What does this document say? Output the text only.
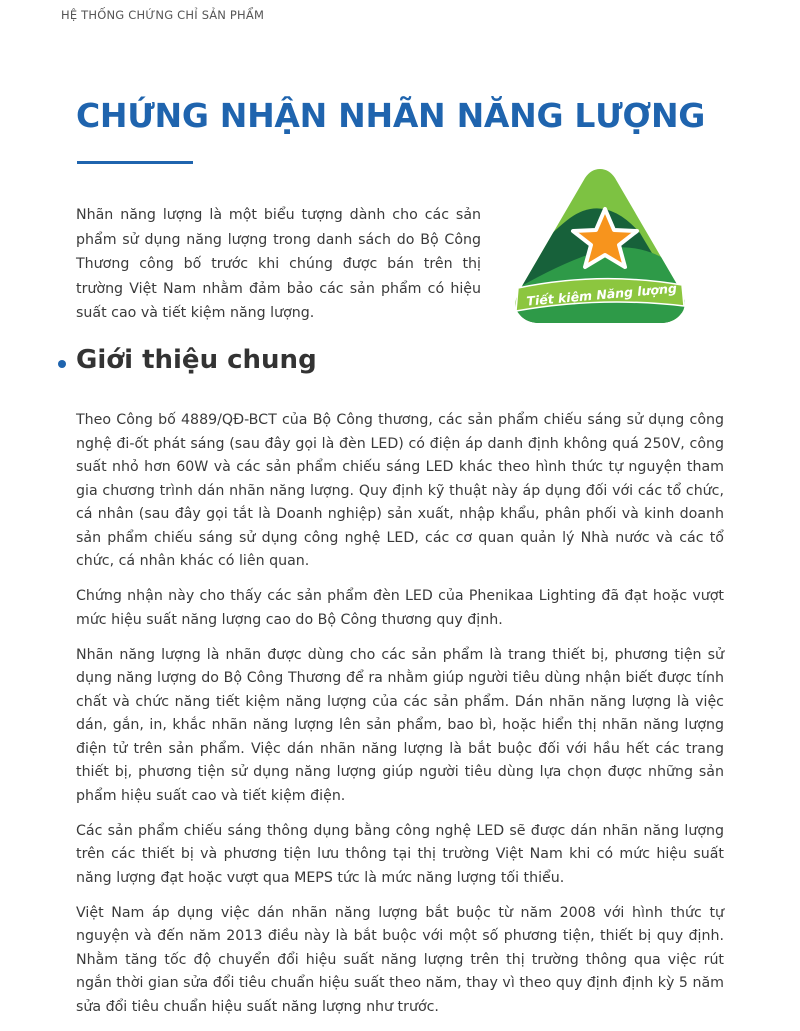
HỆ THỐNG CHỨNG CHỈ SẢN PHẨM
CHỨNG NHẬN NHÃN NĂNG LƯỢNG

Nhãn năng lượng là một biểu tượng dành cho các sản phẩm sử dụng năng lượng trong danh sách do Bộ Công Thương công bố trước khi chúng được bán trên thị trường Việt Nam nhằm đảm bảo các sản phẩm có hiệu suất cao và tiết kiệm năng lượng.

Tiết kiệm Năng lượng
Giới thiệu chung

Theo Công bố 4889/QĐ-BCT của Bộ Công thương, các sản phẩm chiếu sáng sử dụng công nghệ đi-ốt phát sáng (sau đây gọi là đèn LED) có điện áp danh định không quá 250V, công suất nhỏ hơn 60W và các sản phẩm chiếu sáng LED khác theo hình thức tự nguyện tham gia chương trình dán nhãn năng lượng. Quy định kỹ thuật này áp dụng đối với các tổ chức, cá nhân (sau đây gọi tắt là Doanh nghiệp) sản xuất, nhập khẩu, phân phối và kinh doanh sản phẩm chiếu sáng sử dụng công nghệ LED, các cơ quan quản lý Nhà nước và các tổ chức, cá nhân khác có liên quan.

Chứng nhận này cho thấy các sản phẩm đèn LED của Phenikaa Lighting đã đạt hoặc vượt mức hiệu suất năng lượng cao do Bộ Công thương quy định.

Nhãn năng lượng là nhãn được dùng cho các sản phẩm là trang thiết bị, phương tiện sử dụng năng lượng do Bộ Công Thương để ra nhằm giúp người tiêu dùng nhận biết được tính chất và chức năng tiết kiệm năng lượng của các sản phẩm. Dán nhãn năng lượng là việc dán, gắn, in, khắc nhãn năng lượng lên sản phẩm, bao bì, hoặc hiển thị nhãn năng lượng điện tử trên sản phẩm. Việc dán nhãn năng lượng là bắt buộc đối với hầu hết các trang thiết bị, phương tiện sử dụng năng lượng giúp người tiêu dùng lựa chọn được những sản phẩm hiệu suất cao và tiết kiệm điện.

Các sản phẩm chiếu sáng thông dụng bằng công nghệ LED sẽ được dán nhãn năng lượng trên các thiết bị và phương tiện lưu thông tại thị trường Việt Nam khi có mức hiệu suất năng lượng đạt hoặc vượt qua MEPS tức là mức năng lượng tối thiểu.

Việt Nam áp dụng việc dán nhãn năng lượng bắt buộc từ năm 2008 với hình thức tự nguyện và đến năm 2013 điều này là bắt buộc với một số phương tiện, thiết bị quy định. Nhằm tăng tốc độ chuyển đổi hiệu suất năng lượng trên thị trường thông qua việc rút ngắn thời gian sửa đổi tiêu chuẩn hiệu suất theo năm, thay vì theo quy định định kỳ 5 năm sửa đổi tiêu chuẩn hiệu suất năng lượng như trước.
